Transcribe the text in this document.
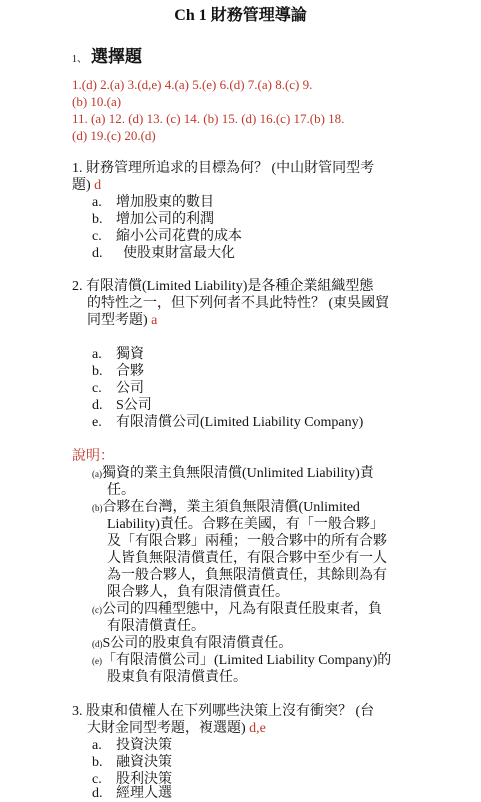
Ch 1 財務管理導論
1、 選擇題
1.(d) 2.(a) 3.(d,e) 4.(a) 5.(e) 6.(d) 7.(a) 8.(c) 9.
(b) 10.(a)
11. (a) 12. (d) 13. (c) 14. (b) 15. (d) 16.(c) 17.(b) 18.
(d) 19.(c) 20.(d)
1. 財務管理所追求的目標為何？ (中山財管同型考
題) d
a. 增加股東的數目
b. 增加公司的利潤
c. 縮小公司花費的成本
d.  使股東財富最大化
2. 有限清償(Limited Liability)是各種企業組織型態
的特性之一，但下列何者不具此特性？ (東吳國貿
同型考題) a
a. 獨資
b. 合夥
c. 公司
d. S公司
e. 有限清償公司(Limited Liability Company)
說明：
(a)獨資的業主負無限清償(Unlimited Liability)責
任。
(b)合夥在台灣，業主須負無限清償(Unlimited
Liability)責任。合夥在美國，有「一般合夥」
及「有限合夥」兩種；一般合夥中的所有合夥
人皆負無限清償責任，有限合夥中至少有一人
為一般合夥人，負無限清償責任，其餘則為有
限合夥人，負有限清償責任。
(c)公司的四種型態中，凡為有限責任股東者，負
有限清償責任。
(d)S公司的股東負有限清償責任。
(e)「有限清償公司」(Limited Liability Company)的
股東負有限清償責任。
3. 股東和債權人在下列哪些決策上沒有衝突？ (台
大財金同型考題，複選題) d,e
a. 投資決策
b. 融資決策
c. 股利決策
d. 經理人選
